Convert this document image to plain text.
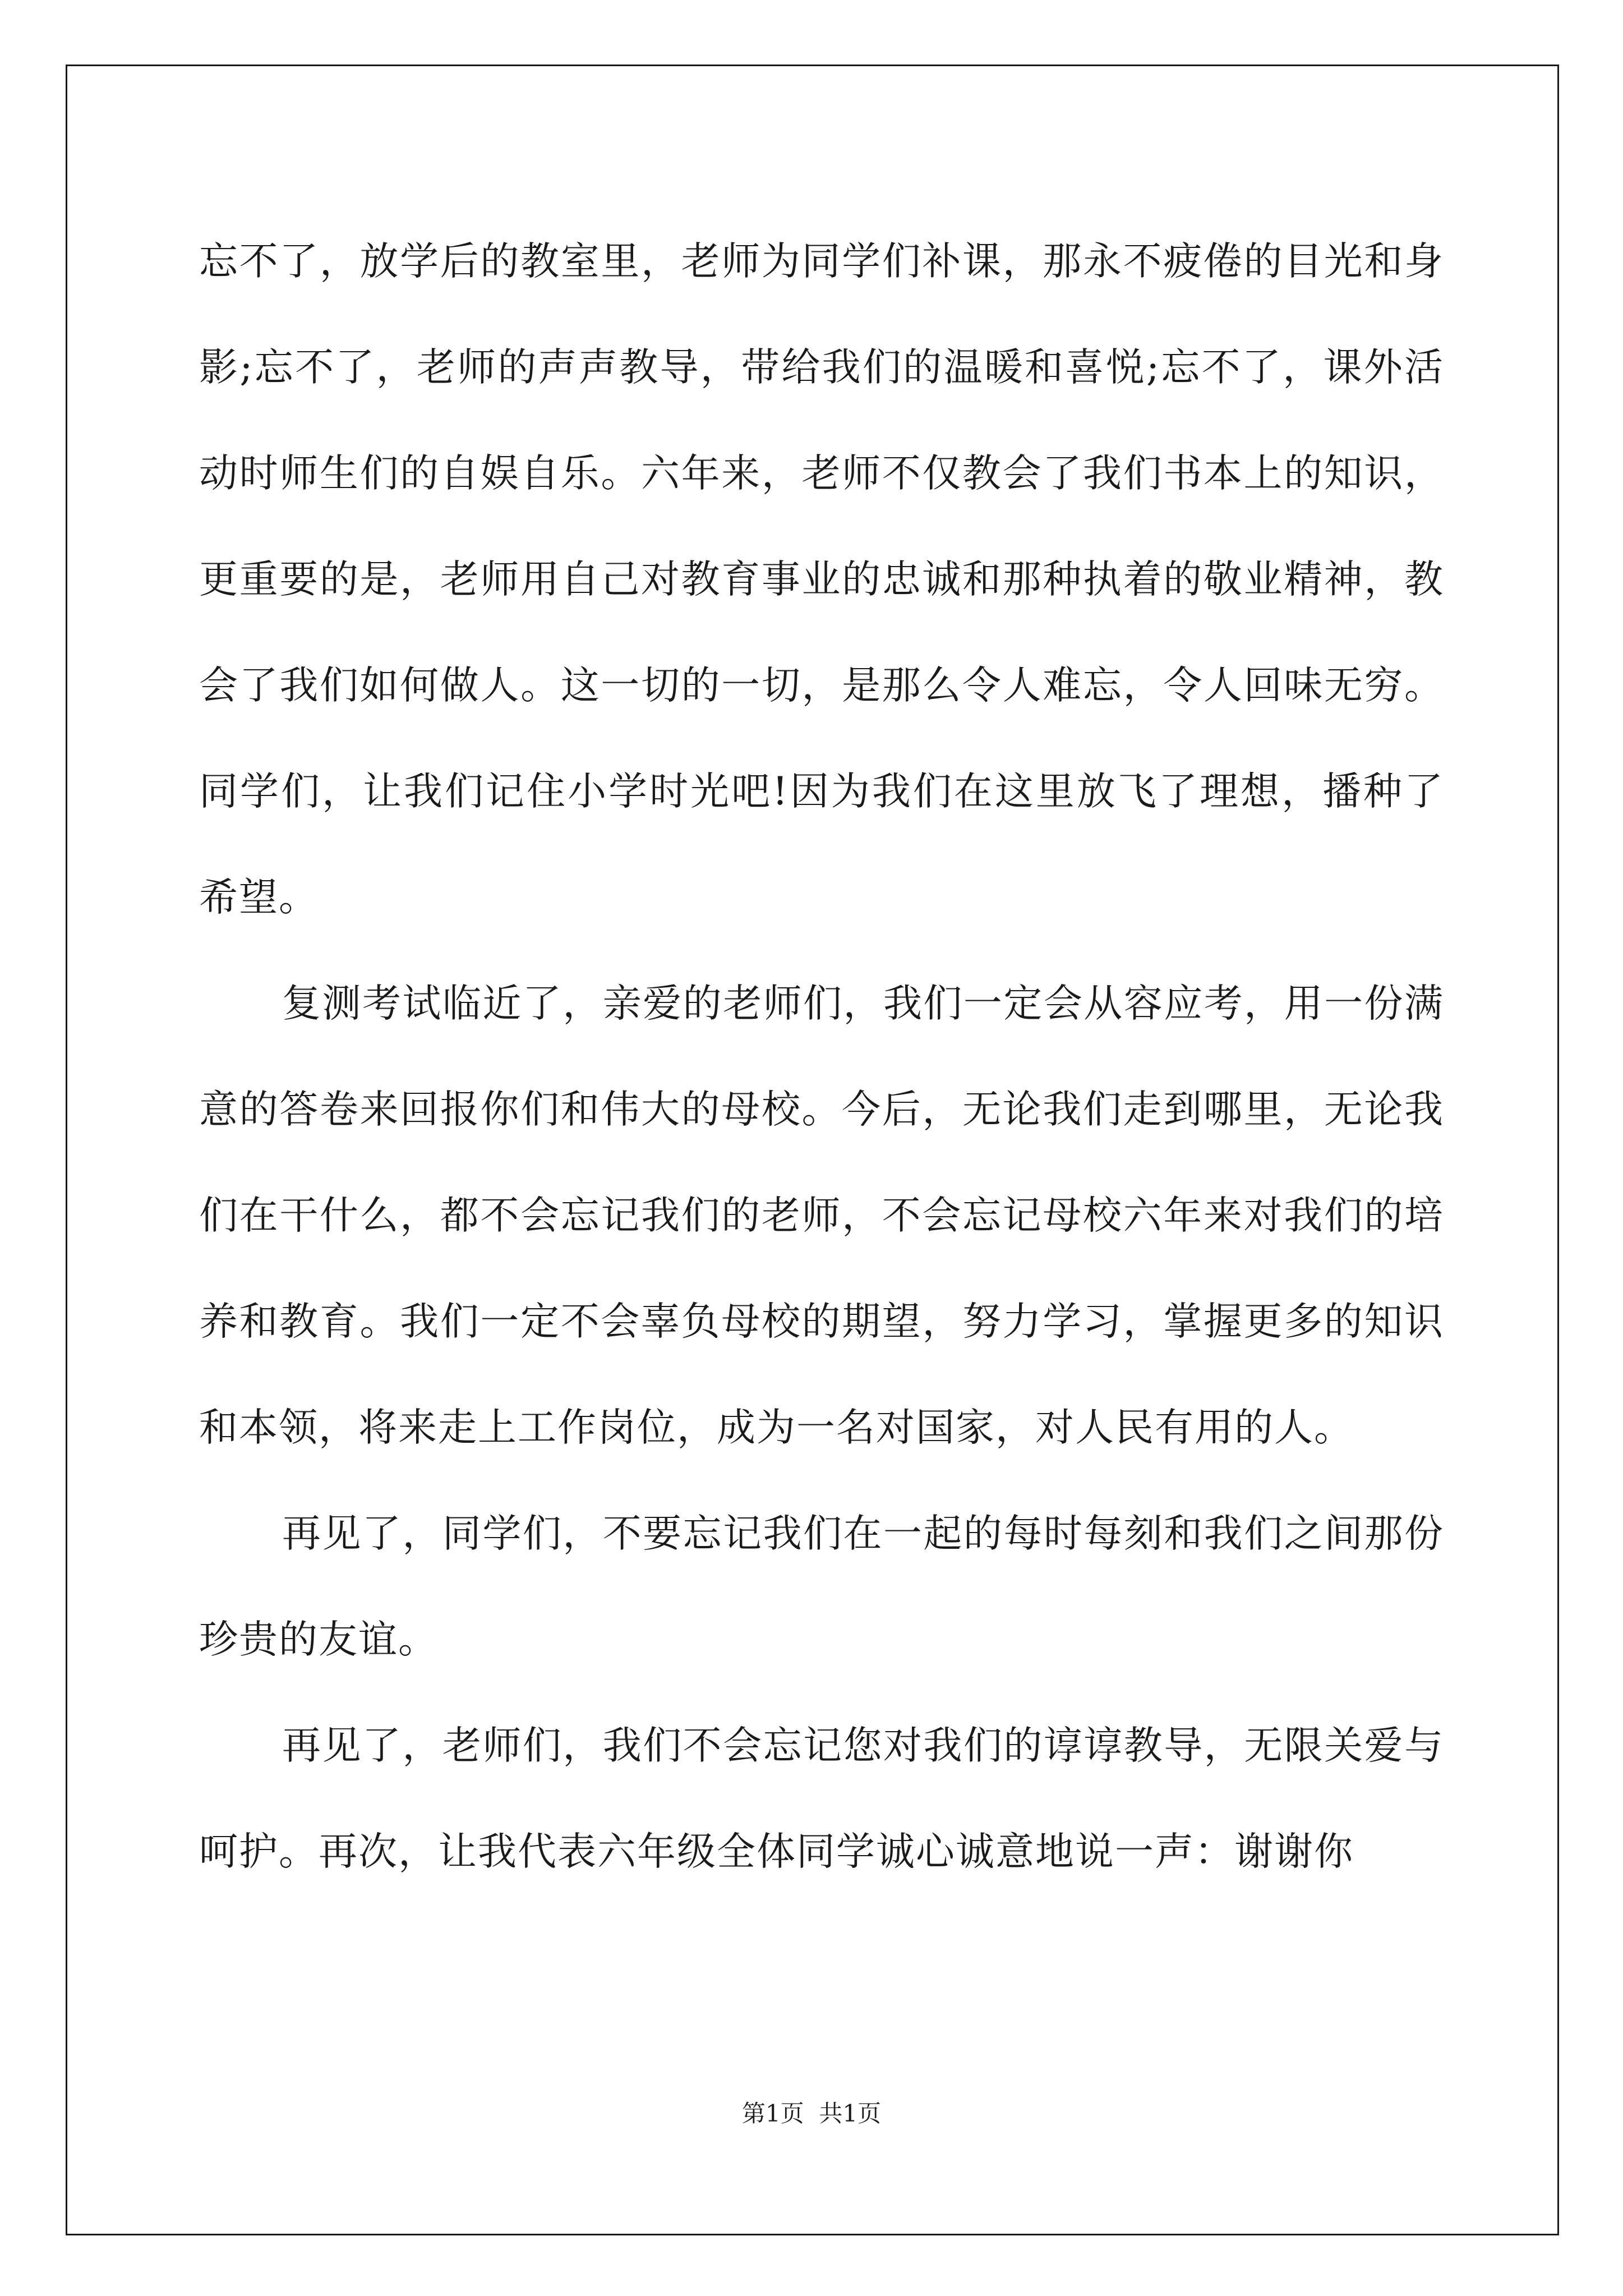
忘不了，放学后的教室里，老师为同学们补课，那永不疲倦的目光和身影;忘不了，老师的声声教导，带给我们的温暖和喜悦;忘不了，课外活动时师生们的自娱自乐。六年来，老师不仅教会了我们书本上的知识，更重要的是，老师用自己对教育事业的忠诚和那种执着的敬业精神，教会了我们如何做人。这一切的一切，是那么令人难忘，令人回味无穷。同学们，让我们记住小学时光吧!因为我们在这里放飞了理想，播种了希望。

复测考试临近了，亲爱的老师们，我们一定会从容应考，用一份满意的答卷来回报你们和伟大的母校。今后，无论我们走到哪里，无论我们在干什么，都不会忘记我们的老师，不会忘记母校六年来对我们的培养和教育。我们一定不会辜负母校的期望，努力学习，掌握更多的知识和本领，将来走上工作岗位，成为一名对国家，对人民有用的人。

再见了，同学们，不要忘记我们在一起的每时每刻和我们之间那份珍贵的友谊。

再见了，老师们，我们不会忘记您对我们的谆谆教导，无限关爱与呵护。再次，让我代表六年级全体同学诚心诚意地说一声：谢谢你

第1页  共1页
